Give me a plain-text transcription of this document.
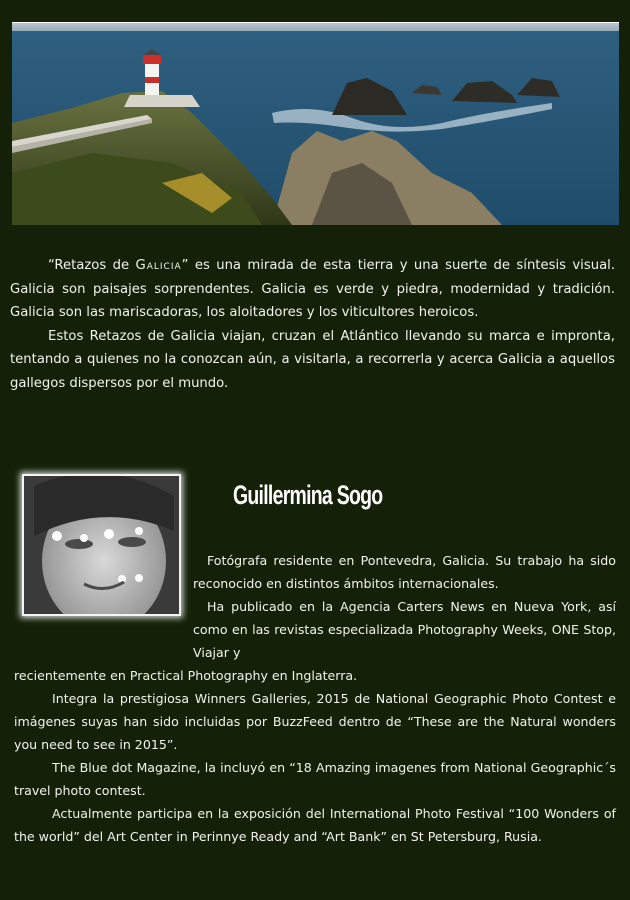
“Retazos de Galicia” es una mirada de esta tierra y una suerte de síntesis visual. Galicia son paisajes sorprendentes. Galicia es verde y piedra, modernidad y tradición. Galicia son las mariscadoras, los aloitadores y los viticultores heroicos.

Estos Retazos de Galicia viajan, cruzan el Atlántico llevando su marca e impronta, tentando a quienes no la conozcan aún, a visitarla, a recorrerla y acerca Galicia a aquellos gallegos dispersos por el mundo.

Guillermina Sogo

Fotógrafa residente en Pontevedra, Galicia. Su trabajo ha sido reconocido en distintos ámbitos internacionales.

Ha publicado en la Agencia Carters News en Nueva York, así como en las revistas especializada Photography Weeks, ONE Stop, Viajar y

recientemente en Practical Photography en Inglaterra.

Integra la prestigiosa Winners Galleries, 2015 de National Geographic Photo Contest e imágenes suyas han sido incluidas por BuzzFeed dentro de “These are the Natural wonders you need to see in 2015”.

The Blue dot Magazine, la incluyó en “18 Amazing imagenes from National Geographic´s travel photo contest.

Actualmente participa en la exposición del International Photo Festival “100 Wonders of the world” del Art Center in Perinnye Ready and “Art Bank” en St Petersburg, Rusia.
